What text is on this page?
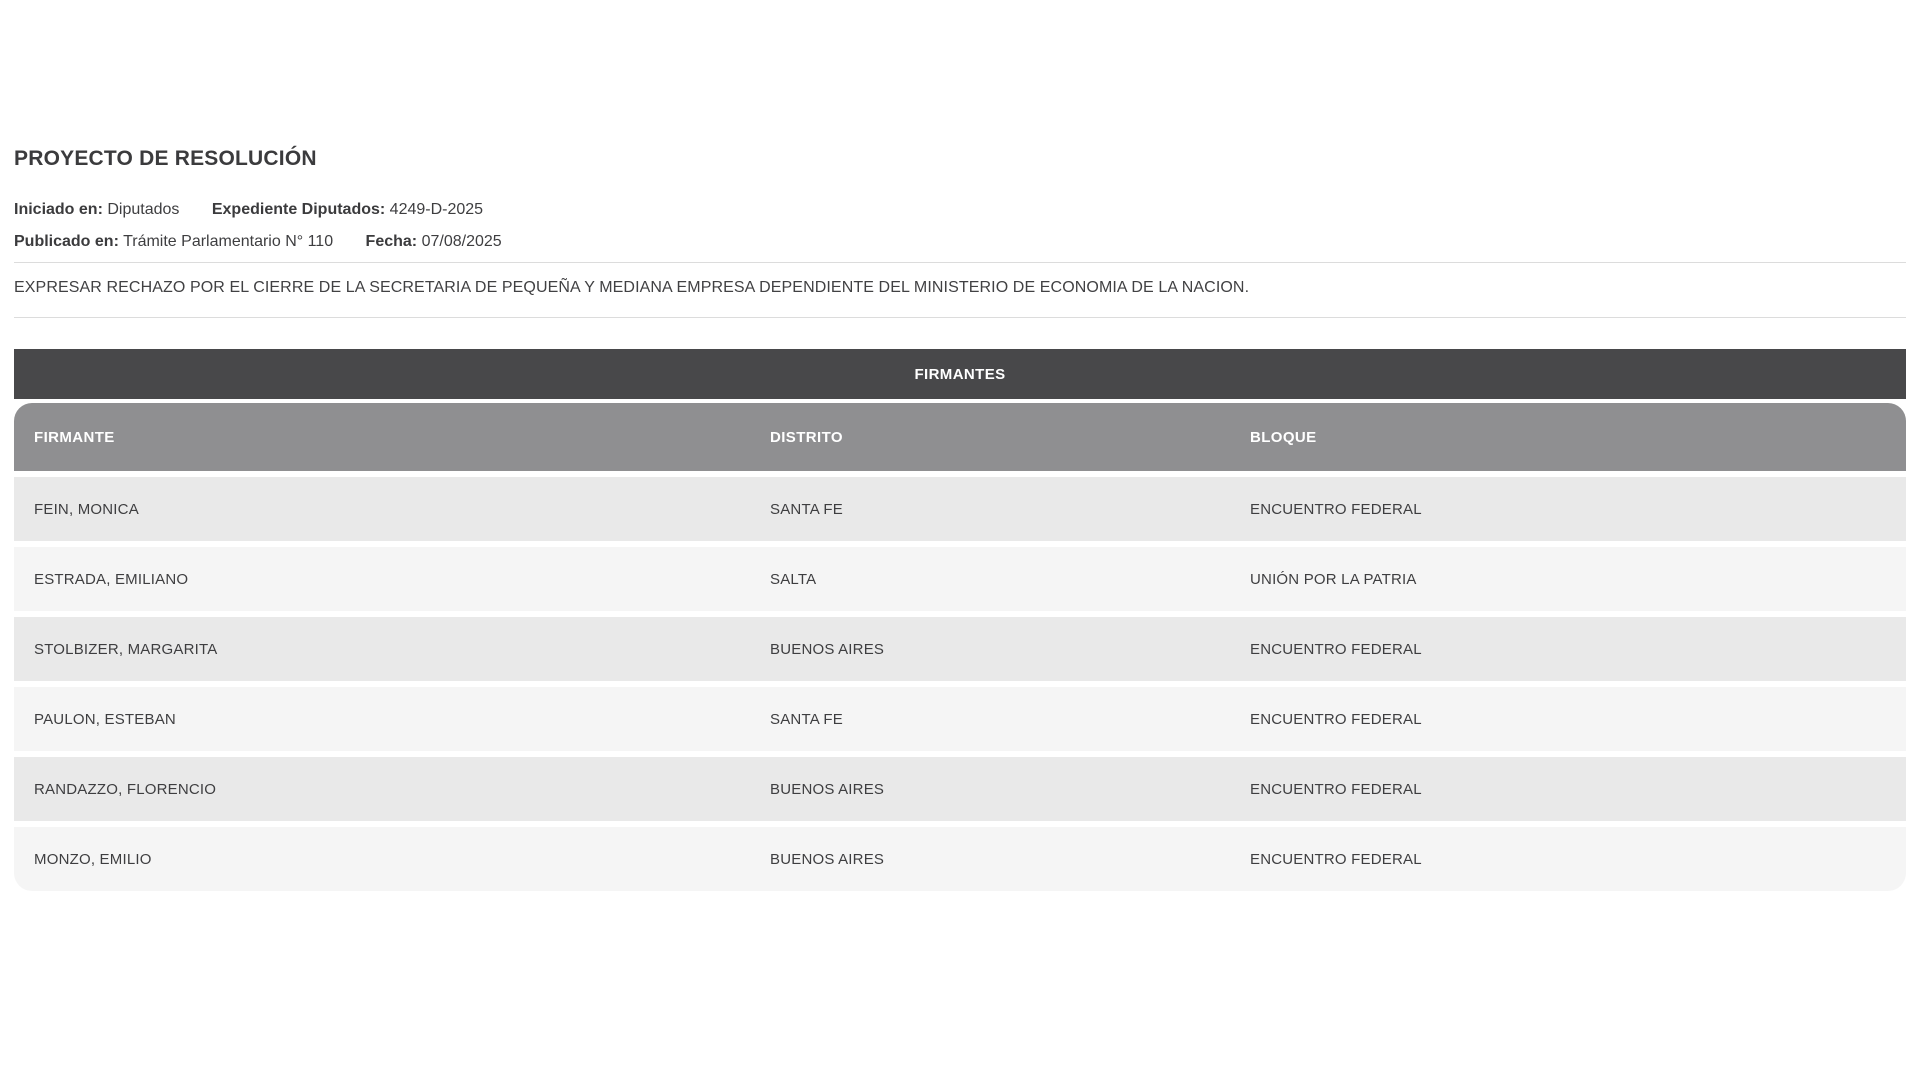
PROYECTO DE RESOLUCIÓN
Iniciado en: Diputados Expediente Diputados: 4249-D-2025
Publicado en: Trámite Parlamentario N° 110 Fecha: 07/08/2025

EXPRESAR RECHAZO POR EL CIERRE DE LA SECRETARIA DE PEQUEÑA Y MEDIANA EMPRESA DEPENDIENTE DEL MINISTERIO DE ECONOMIA DE LA NACION.

FIRMANTES
FIRMANTE	DISTRITO	BLOQUE
FEIN, MONICA	SANTA FE	ENCUENTRO FEDERAL
ESTRADA, EMILIANO	SALTA	UNIÓN POR LA PATRIA
STOLBIZER, MARGARITA	BUENOS AIRES	ENCUENTRO FEDERAL
PAULON, ESTEBAN	SANTA FE	ENCUENTRO FEDERAL
RANDAZZO, FLORENCIO	BUENOS AIRES	ENCUENTRO FEDERAL
MONZO, EMILIO	BUENOS AIRES	ENCUENTRO FEDERAL
